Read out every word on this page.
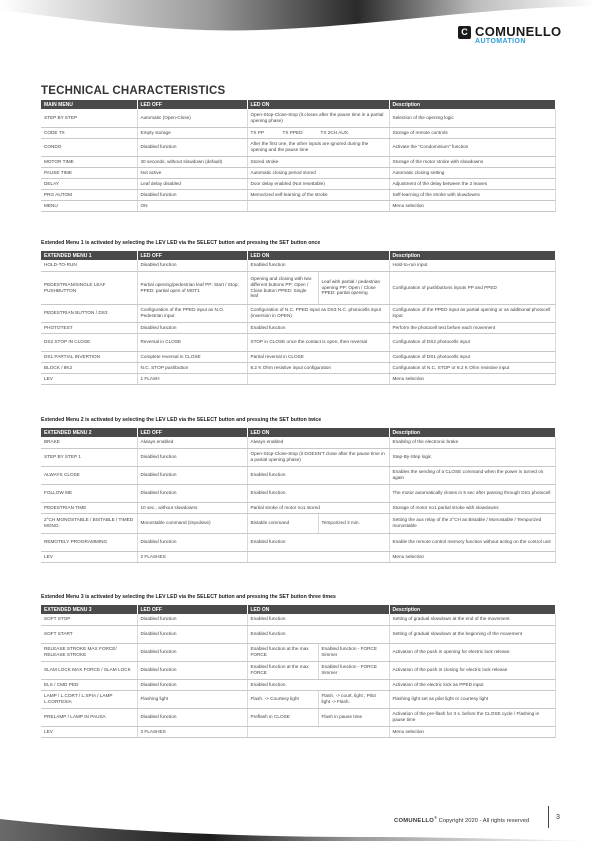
C COMUNELLO
AUTOMATION
TECHNICAL CHARACTERISTICS
MAIN MENU	LED OFF	LED ON	Description
STEP BY STEP	Automatic (Open-Close)	Open-Stop-Close-Stop (it closes after the pause time in a partial opening phase)	Selection of the opening logic
CODE TX	Empty storage	TX PP TX PPED TX 2CH AUX.	Storage of remote controls
CONDO	Disabled function	After the first one, the other inputs are ignored during the opening and the pause time	Activate the "Condominium" function
MOTOR TIME	30 seconds, without slowdown (default)	Stored stroke	Storage of the motor stroke with slowdowns
PAUSE TIME	Not active	Automatic closing period stored	Automatic closing setting
DELAY	Leaf delay disabled	Door delay enabled (Not resettable)	Adjustment of the delay between the 2 leaves
PRG AUTOM	Disabled function	Memorized self-learning of the stroke	Self-learning of the stroke with slowdowns
MENU	ON		Menu selection
Extended Menu 1 is activated by selecting the LEV LED via the SELECT button and pressing the SET button once
EXTENDED MENU 1	LED OFF	LED ON		Description
HOLD-TO-RUN	Disabled function	Enabled function		Hold-to-run input
PEDESTRIAN/SINGLE LEAF PUSHBUTTON	Partial opening/pedestrian leaf PP: Start / Stop; PPED: partial open of MOT1	Opening and closing with two different buttons PP: Open / Close button PPED: Single leaf	Leaf with partial / pedestrian opening PP: Open / Close PPED: partial opening	Configuration of pushbuttons inputs PP and PPED
PEDESTRIAN BUTTON / DS3	Configuration of the PPED input as N.O. Pedestrian input	Configuration of N.C. PPED input as DS3 N.C. photocells input (inversion in OPEN)		Configuration of the PPED input as partial opening or as additional photocell input
PHOTOTEST	Disabled function	Enabled function		Perform the photocell test before each movement
DS2 STOP IN CLOSE	Reversal in CLOSE	STOP in CLOSE once the contact is open, then reversal		Configuration of DS2 photocells input
DS1 PARTIAL INVERTION	Complete reversal in CLOSE	Partial reversal in CLOSE		Configuration of DS1 photocells input
BLOCK / 8K2	N.C. STOP pushbutton	8.2 K Ohm resistive input configuration		Configuration of N.C. STOP or 8.2 K Ohm resistive input
LEV	1 FLASH			Menu selection
Extended Menu 2 is activated by selecting the LEV LED via the SELECT button and pressing the SET button twice
EXTENDED MENU 2	LED OFF	LED ON		Description
BRAKE	Always enabled	Always enabled		Enabling of the electronic brake
STEP BY STEP 1	Disabled function	Open-Stop-Close-Stop (it DOESN'T close after the pause time in a partial opening phase)		Step-By-Step logic
ALWAYS CLOSE	Disabled function	Enabled function		Enables the sending of a CLOSE command when the power is turned on again
FOLLOW ME	Disabled function	Enabled function		The motor automatically closes in 5 sec after passing through DS1 photocell
PEDESTRIAN TIME	10 sec., without slowdowns	Partial stroke of motor no1 stored		Storage of motor no1 partial stroke with slowdowns
2°CH MONOSTABLE / BISTABLE / TIMED MONO.	Monostable command (impulsive)	Bistable command	Temporized 3 min.	Setting the aux relay of the 2°CH as Bistable / Monostable / Temporized monostable
REMOTELY PROGRAMMING	Disabled function	Enabled function		Enable the remote control memory function without acting on the control unit
LEV	2 FLASHES			Menu selection
Extended Menu 3 is activated by selecting the LEV LED via the SELECT button and pressing the SET button three times
EXTENDED MENU 3	LED OFF	LED ON		Description
SOFT STOP	Disabled function	Enabled function		Setting of gradual slowdown at the end of the movement
SOFT START	Disabled function	Enabled function		Setting of gradual slowdown at the beginning of the movement
RELEASE STROKE MAX FORCE/ RELEASE STROKE	Disabled function	Enabled function at the max FORCE	Enabled function - FORCE trimmer	Activation of the push in opening for electric lock release
SLAM LOCK MAX FORCE / SLAM LOCK	Disabled function	Enabled function at the max FORCE	Enabled function - FORCE trimmer	Activation of the push in closing for electric lock release
ELS / CMD PED	Disabled function	Enabled function		Activation of the electric lock as PPED input
LAMP / L.CORT / L.SPIA / LAMP L.CORTESIA	Flashing light	Flash. -> Courtesy light	Flash. -> court. light ; Pilot light -> Flash.	Flashing light set as pilot light or courtesy light
PRELAMP / LAMP IN PAUSA	Disabled function	Preflash in CLOSE	Flash in pause time	Activation of the pre-flash for 3 s. before the CLOSE cycle / Flashing in pause time
LEV	3 FLASHES			Menu selection
COMUNELLO® Copyright 2020 - All rights reserved	3
